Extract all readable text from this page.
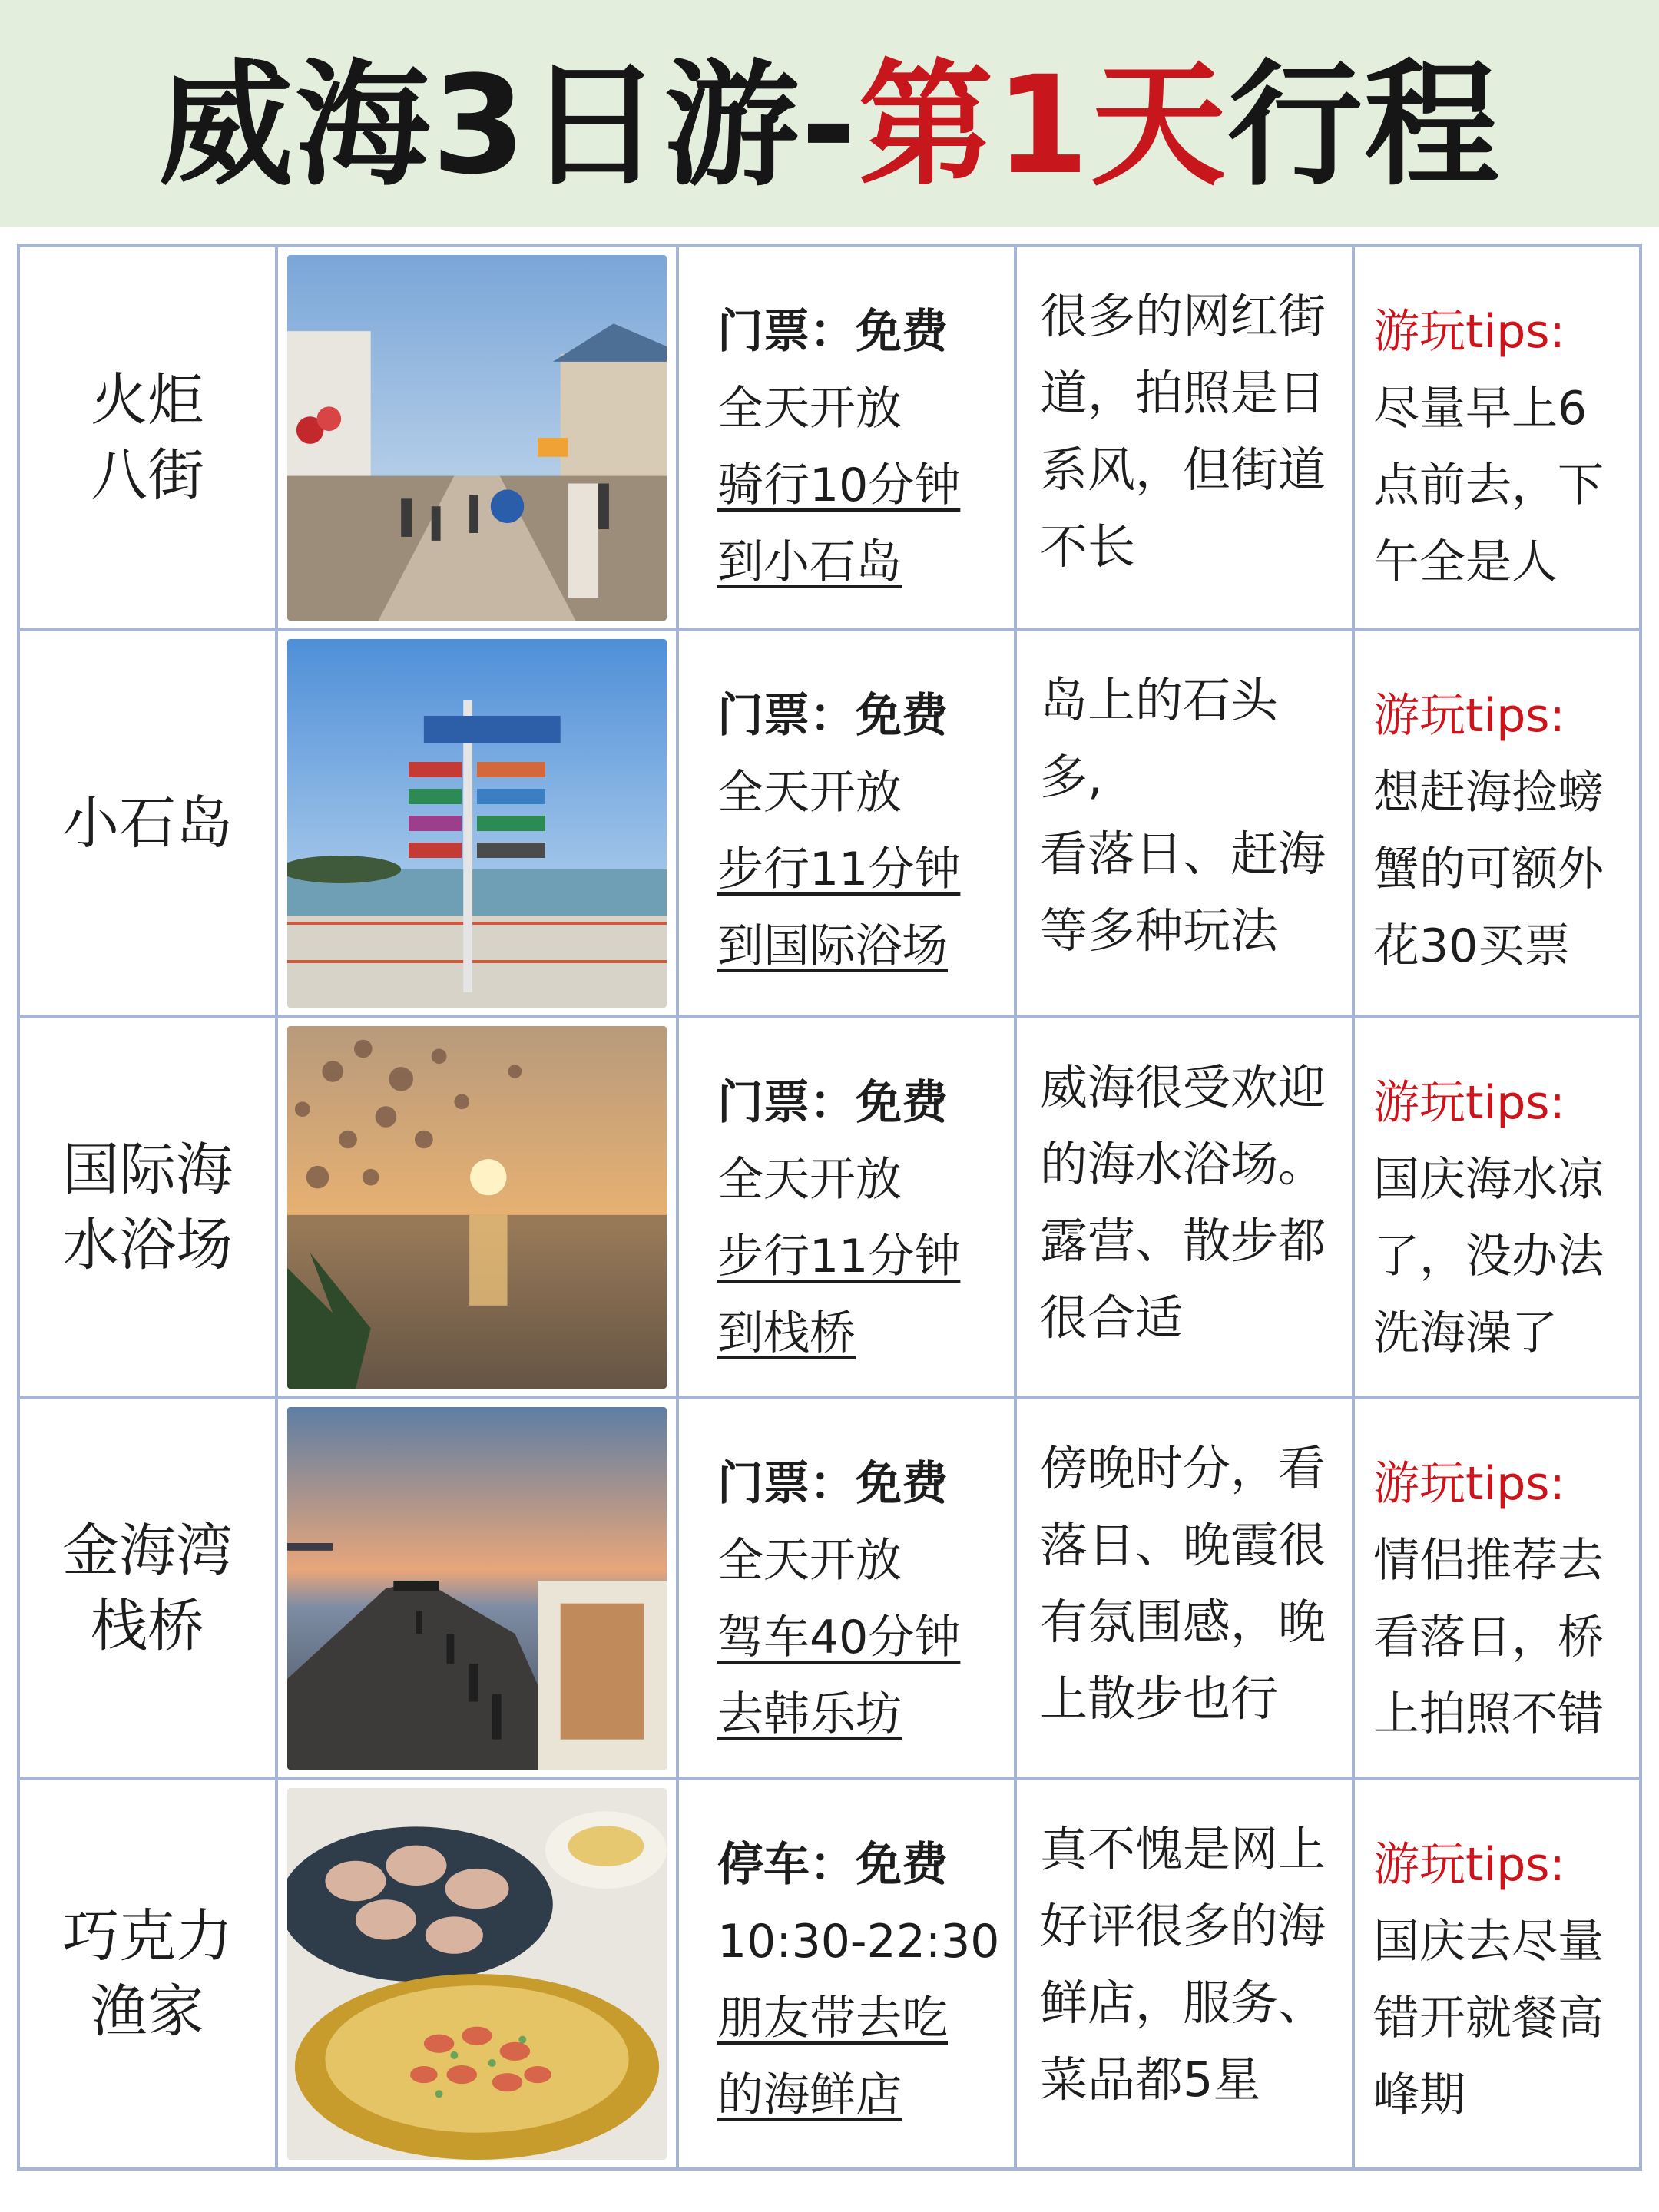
威海3日游-第1天行程
火炬
八街
门票：免费
全天开放
骑行10分钟
到小石岛
很多的网红街
道，拍照是日
系风，但街道
不长
游玩tips:
尽量早上6
点前去，下
午全是人
小石岛
门票：免费
全天开放
步行11分钟
到国际浴场
岛上的石头多,
看落日、赶海
等多种玩法
游玩tips:
想赶海捡螃
蟹的可额外
花30买票
国际海
水浴场
门票：免费
全天开放
步行11分钟
到栈桥
威海很受欢迎
的海水浴场。
露营、散步都
很合适
游玩tips:
国庆海水凉
了，没办法
洗海澡了
金海湾
栈桥
门票：免费
全天开放
驾车40分钟
去韩乐坊
傍晚时分，看
落日、晚霞很
有氛围感，晚
上散步也行
游玩tips:
情侣推荐去
看落日，桥
上拍照不错
巧克力
渔家
停车：免费
10:30-22:30
朋友带去吃
的海鲜店
真不愧是网上
好评很多的海
鲜店，服务、
菜品都5星
游玩tips:
国庆去尽量
错开就餐高
峰期
